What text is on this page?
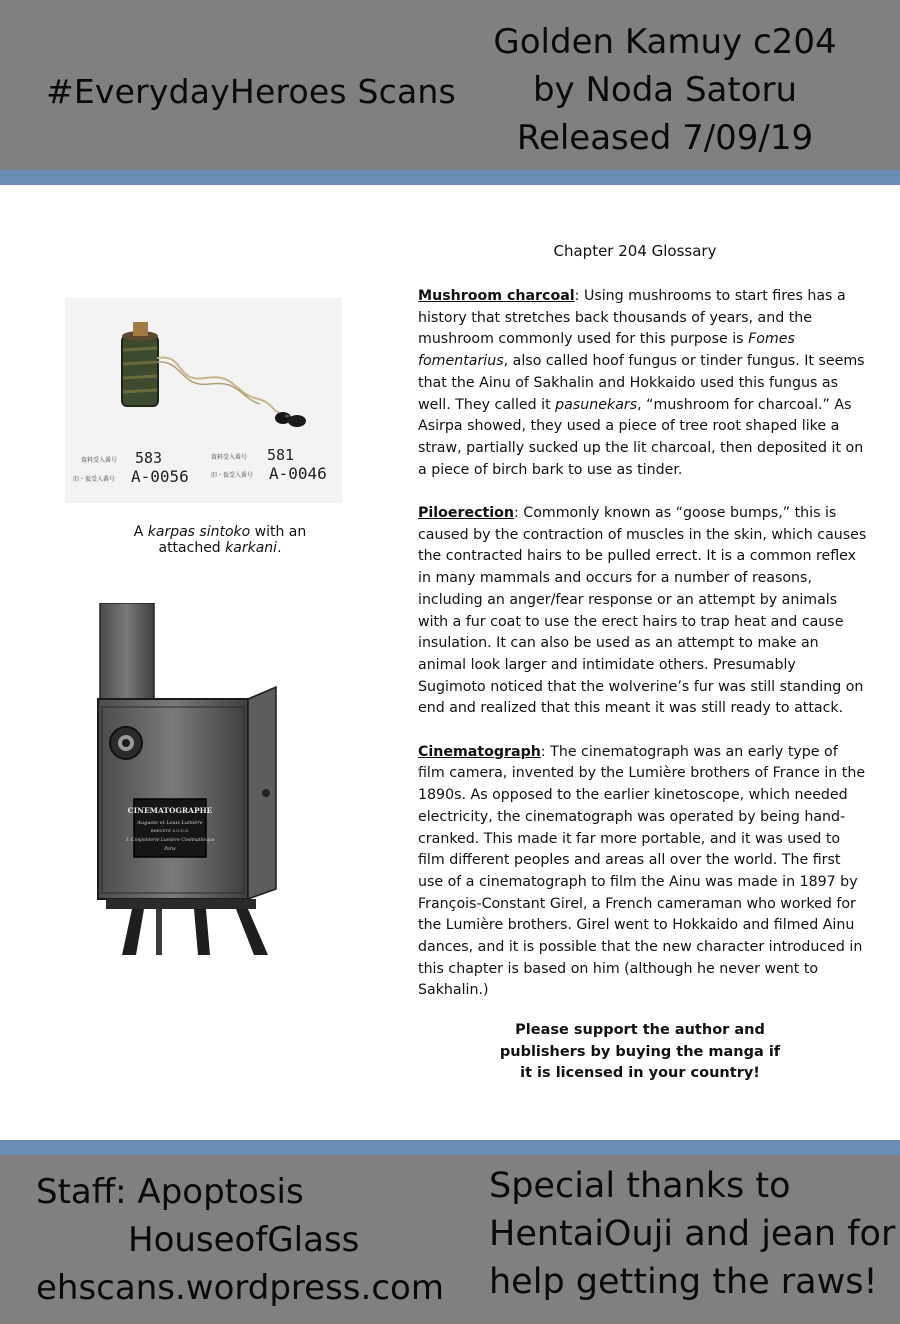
#EverydayHeroes Scans
Golden Kamuy c204
by Noda Satoru
Released 7/09/19
資料受入番号 583
旧・仮受入番号 A-0056
資料受入番号 581
旧・仮受入番号 A-0046
A karpas sintoko with an
attached karkani.
CINEMATOGRAPHE
Auguste et Louis Lumière
BREVETÉ S.G.D.G.
3. Conjointerie Lumière Cinémathèque
Paris
Chapter 204 Glossary

Mushroom charcoal: Using mushrooms to start fires has a history that stretches back thousands of years, and the mushroom commonly used for this purpose is Fomes fomentarius, also called hoof fungus or tinder fungus. It seems that the Ainu of Sakhalin and Hokkaido used this fungus as well. They called it pasunekars, “mushroom for charcoal.” As Asirpa showed, they used a piece of tree root shaped like a straw, partially sucked up the lit charcoal, then deposited it on a piece of birch bark to use as tinder.

Piloerection: Commonly known as “goose bumps,” this is caused by the contraction of muscles in the skin, which causes the contracted hairs to be pulled errect. It is a common reflex in many mammals and occurs for a number of reasons, including an anger/fear response or an attempt by animals with a fur coat to use the erect hairs to trap heat and cause insulation. It can also be used as an attempt to make an animal look larger and intimidate others. Presumably Sugimoto noticed that the wolverine’s fur was still standing on end and realized that this meant it was still ready to attack.

Cinematograph: The cinematograph was an early type of film camera, invented by the Lumière brothers of France in the 1890s. As opposed to the earlier kinetoscope, which needed electricity, the cinematograph was operated by being hand-cranked. This made it far more portable, and it was used to film different peoples and areas all over the world. The first use of a cinematograph to film the Ainu was made in 1897 by François-Constant Girel, a French cameraman who worked for the Lumière brothers. Girel went to Hokkaido and filmed Ainu dances, and it is possible that the new character introduced in this chapter is based on him (although he never went to Sakhalin.)

Please support the author and
publishers by buying the manga if
it is licensed in your country!
Staff: Apoptosis
HouseofGlass
ehscans.wordpress.com
Special thanks to
HentaiOuji and jean for
help getting the raws!
